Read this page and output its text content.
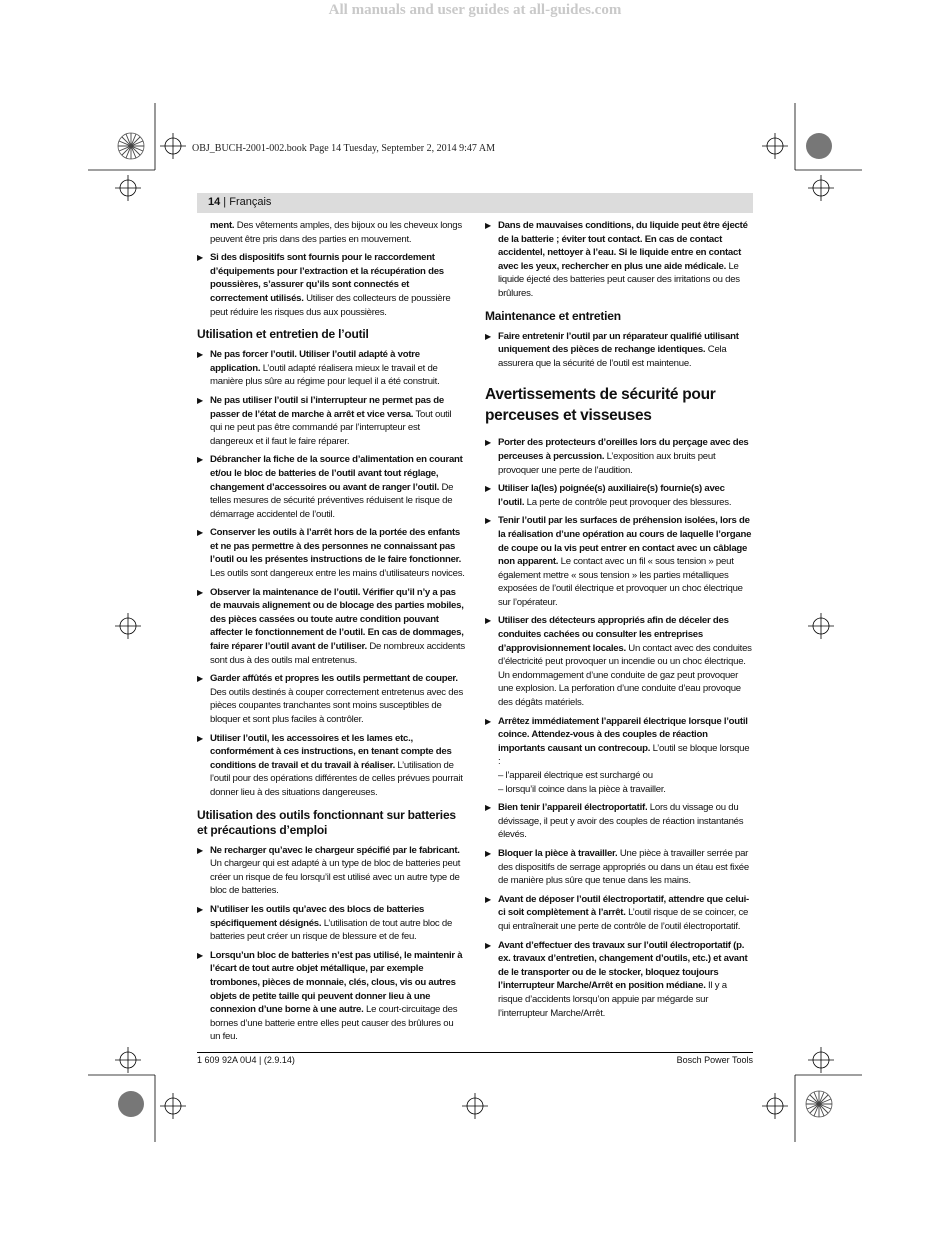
All manuals and user guides at all-guides.com
OBJ_BUCH-2001-002.book Page 14 Tuesday, September 2, 2014 9:47 AM
14 | Français
ment. Des vêtements amples, des bijoux ou les cheveux longs peuvent être pris dans des parties en mouvement.
▶ Si des dispositifs sont fournis pour le raccordement d’équipements pour l’extraction et la récupération des poussières, s’assurer qu’ils sont connectés et correctement utilisés. Utiliser des collecteurs de poussière peut réduire les risques dus aux poussières.
Utilisation et entretien de l’outil
▶ Ne pas forcer l’outil. Utiliser l’outil adapté à votre application. L’outil adapté réalisera mieux le travail et de manière plus sûre au régime pour lequel il a été construit.
▶ Ne pas utiliser l’outil si l’interrupteur ne permet pas de passer de l’état de marche à arrêt et vice versa. Tout outil qui ne peut pas être commandé par l’interrupteur est dangereux et il faut le faire réparer.
▶ Débrancher la fiche de la source d’alimentation en courant et/ou le bloc de batteries de l’outil avant tout réglage, changement d’accessoires ou avant de ranger l’outil. De telles mesures de sécurité préventives réduisent le risque de démarrage accidentel de l’outil.
▶ Conserver les outils à l’arrêt hors de la portée des enfants et ne pas permettre à des personnes ne connaissant pas l’outil ou les présentes instructions de le faire fonctionner. Les outils sont dangereux entre les mains d’utilisateurs novices.
▶ Observer la maintenance de l’outil. Vérifier qu’il n’y a pas de mauvais alignement ou de blocage des parties mobiles, des pièces cassées ou toute autre condition pouvant affecter le fonctionnement de l’outil. En cas de dommages, faire réparer l’outil avant de l’utiliser. De nombreux accidents sont dus à des outils mal entretenus.
▶ Garder affûtés et propres les outils permettant de couper. Des outils destinés à couper correctement entretenus avec des pièces coupantes tranchantes sont moins susceptibles de bloquer et sont plus faciles à contrôler.
▶ Utiliser l’outil, les accessoires et les lames etc., conformément à ces instructions, en tenant compte des conditions de travail et du travail à réaliser. L’utilisation de l’outil pour des opérations différentes de celles prévues pourrait donner lieu à des situations dangereuses.
Utilisation des outils fonctionnant sur batteries et précautions d’emploi
▶ Ne recharger qu’avec le chargeur spécifié par le fabricant. Un chargeur qui est adapté à un type de bloc de batteries peut créer un risque de feu lorsqu’il est utilisé avec un autre type de bloc de batteries.
▶ N’utiliser les outils qu’avec des blocs de batteries spécifiquement désignés. L’utilisation de tout autre bloc de batteries peut créer un risque de blessure et de feu.
▶ Lorsqu’un bloc de batteries n’est pas utilisé, le maintenir à l’écart de tout autre objet métallique, par exemple trombones, pièces de monnaie, clés, clous, vis ou autres objets de petite taille qui peuvent donner lieu à une connexion d’une borne à une autre. Le court-circuitage des bornes d’une batterie entre elles peut causer des brûlures ou un feu.
▶ Dans de mauvaises conditions, du liquide peut être éjecté de la batterie ; éviter tout contact. En cas de contact accidentel, nettoyer à l’eau. Si le liquide entre en contact avec les yeux, rechercher en plus une aide médicale. Le liquide éjecté des batteries peut causer des irritations ou des brûlures.
Maintenance et entretien
▶ Faire entretenir l’outil par un réparateur qualifié utilisant uniquement des pièces de rechange identiques. Cela assurera que la sécurité de l’outil est maintenue.
Avertissements de sécurité pour perceuses et visseuses
▶ Porter des protecteurs d’oreilles lors du perçage avec des perceuses à percussion. L’exposition aux bruits peut provoquer une perte de l’audition.
▶ Utiliser la(les) poignée(s) auxiliaire(s) fournie(s) avec l’outil. La perte de contrôle peut provoquer des blessures.
▶ Tenir l’outil par les surfaces de préhension isolées, lors de la réalisation d’une opération au cours de laquelle l’organe de coupe ou la vis peut entrer en contact avec un câblage non apparent. Le contact avec un fil « sous tension » peut également mettre « sous tension » les parties métalliques exposées de l’outil électrique et provoquer un choc électrique sur l’opérateur.
▶ Utiliser des détecteurs appropriés afin de déceler des conduites cachées ou consulter les entreprises d’approvisionnement locales. Un contact avec des conduites d’électricité peut provoquer un incendie ou un choc électrique. Un endommagement d’une conduite de gaz peut provoquer une explosion. La perforation d’une conduite d’eau provoque des dégâts matériels.
▶ Arrêtez immédiatement l’appareil électrique lorsque l’outil coince. Attendez-vous à des couples de réaction importants causant un contrecoup. L’outil se bloque lorsque :
– l’appareil électrique est surchargé ou
– lorsqu’il coince dans la pièce à travailler.
▶ Bien tenir l’appareil électroportatif. Lors du vissage ou du dévissage, il peut y avoir des couples de réaction instantanés élevés.
▶ Bloquer la pièce à travailler. Une pièce à travailler serrée par des dispositifs de serrage appropriés ou dans un étau est fixée de manière plus sûre que tenue dans les mains.
▶ Avant de déposer l’outil électroportatif, attendre que celui-ci soit complètement à l’arrêt. L’outil risque de se coincer, ce qui entraînerait une perte de contrôle de l’outil électroportatif.
▶ Avant d’effectuer des travaux sur l’outil électroportatif (p. ex. travaux d’entretien, changement d’outils, etc.) et avant de le transporter ou de le stocker, bloquez toujours l’interrupteur Marche/Arrêt en position médiane. Il y a risque d’accidents lorsqu’on appuie par mégarde sur l’interrupteur Marche/Arrêt.
1 609 92A 0U4 | (2.9.14)	Bosch Power Tools
